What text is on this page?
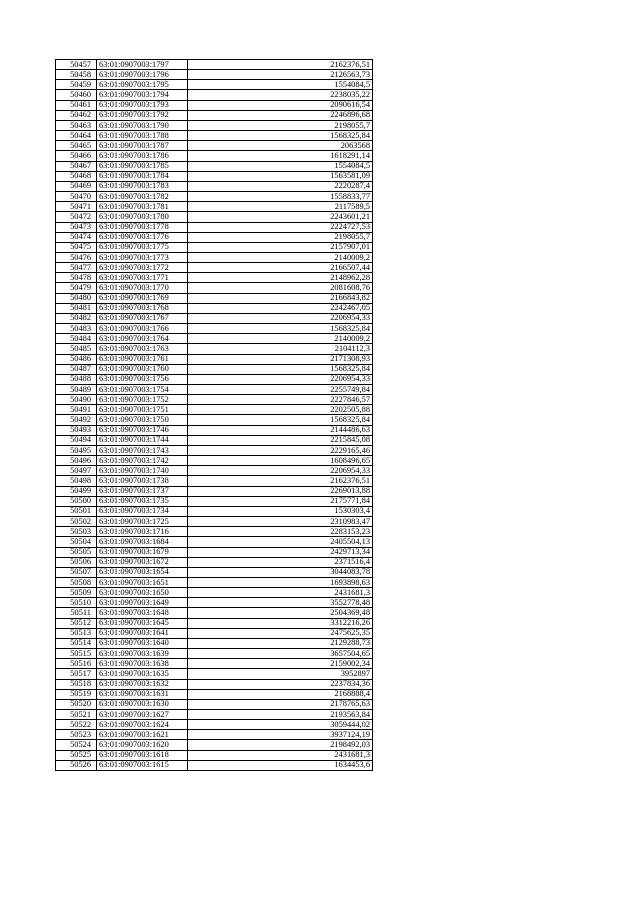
50457	63:01:0907003:1797	2162376,51
50458	63:01:0907003:1796	2126563,73
50459	63:01:0907003:1795	1554084,5
50460	63:01:0907003:1794	2238035,22
50461	63:01:0907003:1793	2090616,54
50462	63:01:0907003:1792	2246896,68
50463	63:01:0907003:1790	2198055,7
50464	63:01:0907003:1788	1568325,84
50465	63:01:0907003:1787	2063568
50466	63:01:0907003:1786	1618291,14
50467	63:01:0907003:1785	1554084,5
50468	63:01:0907003:1784	1563581,09
50469	63:01:0907003:1783	2220287,4
50470	63:01:0907003:1782	1558833,77
50471	63:01:0907003:1781	2117589,5
50472	63:01:0907003:1780	2243601,21
50473	63:01:0907003:1778	2224727,53
50474	63:01:0907003:1776	2198055,7
50475	63:01:0907003:1775	2157907,01
50476	63:01:0907003:1773	2140009,2
50477	63:01:0907003:1772	2166507,44
50478	63:01:0907003:1771	2148962,28
50479	63:01:0907003:1770	2081608,76
50480	63:01:0907003:1769	2166843,82
50481	63:01:0907003:1768	2242467,05
50482	63:01:0907003:1767	2206954,33
50483	63:01:0907003:1766	1568325,84
50484	63:01:0907003:1764	2140009,2
50485	63:01:0907003:1763	2104112,3
50486	63:01:0907003:1761	2171308,93
50487	63:01:0907003:1760	1568325,84
50488	63:01:0907003:1756	2206954,33
50489	63:01:0907003:1754	2255749,84
50490	63:01:0907003:1752	2227846,57
50491	63:01:0907003:1751	2202505,88
50492	63:01:0907003:1750	1568325,84
50493	63:01:0907003:1746	2144486,63
50494	63:01:0907003:1744	2215845,08
50495	63:01:0907003:1743	2229165,46
50496	63:01:0907003:1742	1608496,65
50497	63:01:0907003:1740	2206954,33
50498	63:01:0907003:1738	2162376,51
50499	63:01:0907003:1737	2269013,88
50500	63:01:0907003:1735	2175771,84
50501	63:01:0907003:1734	1530303,4
50502	63:01:0907003:1725	2310983,47
50503	63:01:0907003:1716	2283153,23
50504	63:01:0907003:1684	2405504,13
50505	63:01:0907003:1679	2429713,34
50506	63:01:0907003:1672	2371516,4
50507	63:01:0907003:1654	3044083,78
50508	63:01:0907003:1651	1693898,63
50509	63:01:0907003:1650	2431681,3
50510	63:01:0907003:1649	3552778,48
50511	63:01:0907003:1648	2504369,48
50512	63:01:0907003:1645	3312216,26
50513	63:01:0907003:1641	2475625,35
50514	63:01:0907003:1640	2129288,73
50515	63:01:0907003:1639	3657504,65
50516	63:01:0907003:1638	2159002,34
50517	63:01:0907003:1635	3952897
50518	63:01:0907003:1632	2237834,36
50519	63:01:0907003:1631	2168888,4
50520	63:01:0907003:1630	2178765,63
50521	63:01:0907003:1627	2193563,84
50522	63:01:0907003:1624	3059444,02
50523	63:01:0907003:1621	3937124,19
50524	63:01:0907003:1620	2198492,03
50525	63:01:0907003:1618	2431681,3
50526	63:01:0907003:1615	1634453,6
